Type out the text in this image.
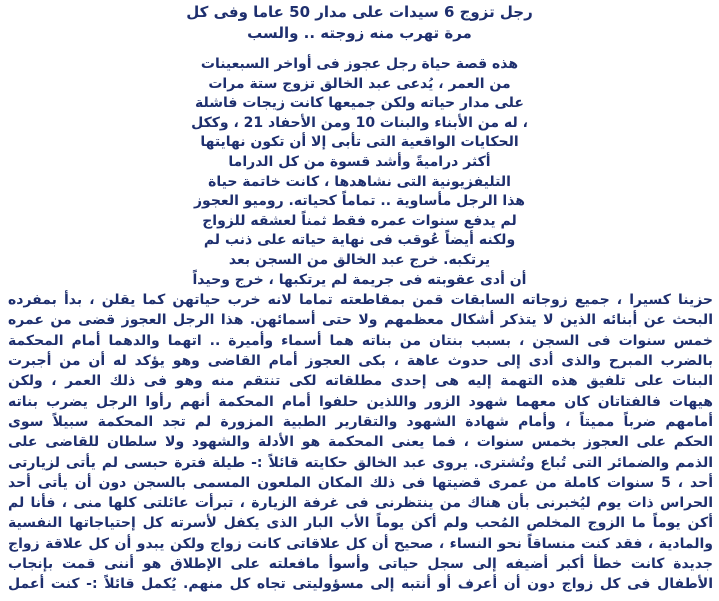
رجل تزوج 6 سيدات على مدار 50 عاما وفى كل
مرة تهرب منه زوجته .. والسب
هذه قصة حياة رجل عجوز فى أواخر السبعينات
من العمر ، يُدعى عبد الخالق تزوج ستة مرات
على مدار حياته ولكن جميعها كانت زيجات فاشلة
، له من الأبناء والبنات 10 ومن الأحفاد 21 ، وككل
الحكايات الواقعية التى تأبى إلا أن تكون نهايتها
أكثر دراميةً وأشد قسوة من كل الدراما
التليفزيونية التى نشاهدها ، كانت خاتمة حياة
هذا الرجل مأساوية .. تماماً كحياته. روميو العجوز
لم يدفع سنوات عمره فقط ثمناً لعشقه للزواج
ولكنه أيضاً عُوقب فى نهاية حياته على ذنب لم
يرتكبه. خرج عبد الخالق من السجن بعد
أن أدى عقوبته فى جريمة لم يرتكبها ، خرج وحيداً
حزينا كسيرا ، جميع زوجاته السابقات قمن بمقاطعته تماما لانه خرب حياتهن كما يقلن ، بدأ بمفرده
البحث عن أبنائه الذين لا يتذكر أشكال معظمهم ولا حتى أسمائهن. هذا الرجل العجوز قضى من عمره
خمس سنوات فى السجن ، بسبب بنتان من بناته هما أسماء وأميرة .. اتهما والدهما أمام المحكمة
بالضرب المبرح والذى أدى إلى حدوث عاهة ، بكى العجوز أمام القاضى وهو يؤكد له أن من أجبرت
البنات على تلفيق هذه التهمة إليه هى إحدى مطلقاته لكى تنتقم منه وهو فى ذلك العمر ، ولكن
هيهات فالفتاتان كان معهما شهود الزور واللذين حلفوا أمام المحكمة أنهم رأوا الرجل يضرب بناته
أمامهم ضرباً مميتاً ، وأمام شهادة الشهود والتقارير الطبية المزورة لم تجد المحكمة سبيلاً سوى
الحكم على العجوز بخمس سنوات ، فما يعنى المحكمة هو الأدلة والشهود ولا سلطان للقاضى على
الذمم والضمائر التى تُباع وتُشترى. يروى عبد الخالق حكايته قائلاً :- طيلة فترة حبسى لم يأتى لزيارتى
أحد ، 5 سنوات كاملة من عمرى قضيتها فى ذلك المكان الملعون المسمى بالسجن دون أن يأتى أحد
الحراس ذات يوم ليُخبرنى بأن هناك من ينتظرنى فى غرفة الزيارة ، تبرأت عائلتى كلها منى ، فأنا لم
أكن يوماً ما الزوج المخلص المُحب ولم أكن يوماً الأب البار الذى يكفل لأسرته كل إحتياجاتها النفسية
والمادية ، فقد كنت منساقاً نحو النساء ، صحيح أن كل علاقاتى كانت زواج ولكن يبدو أن كل علاقة زواج
جديدة كانت خطأ أكبر أضيفه إلى سجل حياتى وأسوأ مافعلته على الإطلاق هو أننى قمت بإنجاب
الأطفال فى كل زواج دون أن أعرف أو أنتبه إلى مسؤوليتى تجاه كل منهم. يُكمل قائلاً :- كنت أعمل
